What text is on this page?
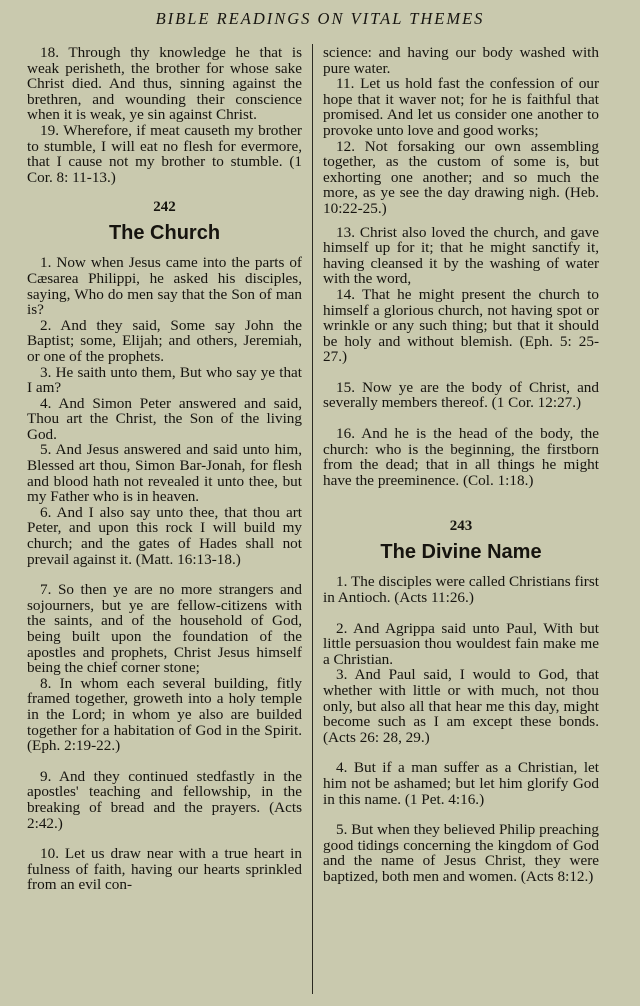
BIBLE READINGS ON VITAL THEMES

18. Through thy knowledge he that is weak perisheth, the brother for whose sake Christ died. And thus, sinning against the brethren, and wounding their conscience when it is weak, ye sin against Christ.

19. Wherefore, if meat causeth my brother to stumble, I will eat no flesh for evermore, that I cause not my brother to stumble. (1 Cor. 8: 11-13.)

242
The Church

1. Now when Jesus came into the parts of Cæsarea Philippi, he asked his disciples, saying, Who do men say that the Son of man is?

2. And they said, Some say John the Baptist; some, Elijah; and others, Jeremiah, or one of the prophets.

3. He saith unto them, But who say ye that I am?

4. And Simon Peter answered and said, Thou art the Christ, the Son of the living God.

5. And Jesus answered and said unto him, Blessed art thou, Simon Bar-Jonah, for flesh and blood hath not revealed it unto thee, but my Father who is in heaven.

6. And I also say unto thee, that thou art Peter, and upon this rock I will build my church; and the gates of Hades shall not prevail against it. (Matt. 16:13-18.)

7. So then ye are no more strangers and sojourners, but ye are fellow-citizens with the saints, and of the household of God, being built upon the foundation of the apostles and prophets, Christ Jesus himself being the chief corner stone;

8. In whom each several building, fitly framed together, groweth into a holy temple in the Lord; in whom ye also are builded together for a habitation of God in the Spirit. (Eph. 2:19-22.)

9. And they continued stedfastly in the apostles' teaching and fellowship, in the breaking of bread and the prayers. (Acts 2:42.)

10. Let us draw near with a true heart in fulness of faith, having our hearts sprinkled from an evil con-

science: and having our body washed with pure water.

11. Let us hold fast the confession of our hope that it waver not; for he is faithful that promised. And let us consider one another to provoke unto love and good works;

12. Not forsaking our own assembling together, as the custom of some is, but exhorting one another; and so much the more, as ye see the day drawing nigh. (Heb. 10:22-25.)

13. Christ also loved the church, and gave himself up for it; that he might sanctify it, having cleansed it by the washing of water with the word,

14. That he might present the church to himself a glorious church, not having spot or wrinkle or any such thing; but that it should be holy and without blemish. (Eph. 5: 25-27.)

15. Now ye are the body of Christ, and severally members thereof. (1 Cor. 12:27.)

16. And he is the head of the body, the church: who is the beginning, the firstborn from the dead; that in all things he might have the preeminence. (Col. 1:18.)

243
The Divine Name

1. The disciples were called Christians first in Antioch. (Acts 11:26.)

2. And Agrippa said unto Paul, With but little persuasion thou wouldest fain make me a Christian.

3. And Paul said, I would to God, that whether with little or with much, not thou only, but also all that hear me this day, might become such as I am except these bonds. (Acts 26: 28, 29.)

4. But if a man suffer as a Christian, let him not be ashamed; but let him glorify God in this name. (1 Pet. 4:16.)

5. But when they believed Philip preaching good tidings concerning the kingdom of God and the name of Jesus Christ, they were baptized, both men and women. (Acts 8:12.)
